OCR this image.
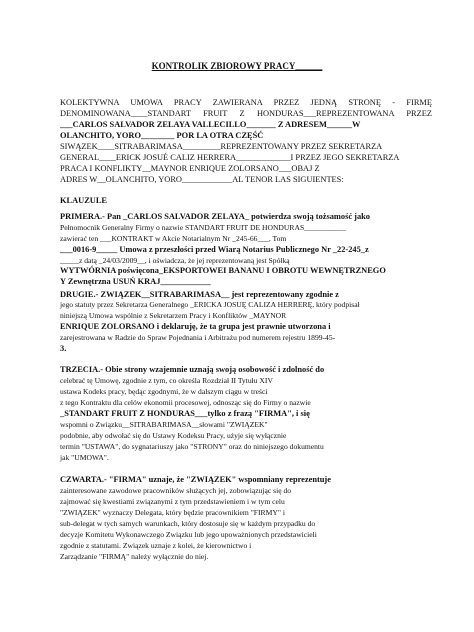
KONTROLIK ZBIOROWY PRACY______
KOLEKTYWNA UMOWA PRACY ZAWIERANA PRZEZ JEDNĄ STRONĘ - FIRMĘ
DENOMINOWANA____STANDART FRUIT Z HONDURAS___REPREZENTOWANA PRZEZ
___CARLOS SALVADOR ZELAYA VALLECILLO_______ Z ADRESEM______W
OLANCHITO, YORO________ POR LA OTRA CZĘŚĆ
SIWĄZEK____SITRABARIMASA_________REPREZENTOWANY PRZEZ SEKRETARZA
GENERAL____ERICK JOSUÉ CALIZ HERRERA_____________I PRZEZ JEGO SEKRETARZA
PRACA I KONFLIKTY__MAYNOR ENRIQUE ZOLORSANO___OBAJ Z
ADRES W__OLANCHITO, YORO____________AL TENOR LAS SIGUIENTES:
KLAUZULE
PRIMERA.- Pan _CARLOS SALVADOR ZELAYA_ potwierdza swoją tożsamość jako
Pełnomocnik Generalny Firmy o nazwie STANDART FRUIT DE HONDURAS___________
zawierać ten ___KONTRAKT w Akcie Notarialnym Nr _245-66___, Tom
___0016-9_____ Umowa z przeszłości przed Wiarą Notarius Publicznego Nr _22-245_z
_____z datą _24/03/2009__, i oświadcza, że jej reprezentowaną jest Spółką
WYTWÓRNIA poświęcona_EKSPORTOWEI BANANU I OBROTU WEWNĘTRZNEGO
Y Zewnętrzna USUŃ KRAJ____________
DRUGIE.- ZWIĄZEK__SITRABARIMASA__ jest reprezentowany zgodnie z
jego statuty przez Sekretarza Generalnego _ERICKA JOSUĘ CALIZA HERRERĘ, który podpisał
niniejszą Umowa wspólnie z Sekretarzem Pracy i Konfliktów _MAYNOR
ENRIQUE ZOLORSANO i deklaruję, że ta grupa jest prawnie utworzona i
zarejestrowana w Radzie do Spraw Pojednania i Arbitrażu pod numerem rejestru 1899-45-
3.
TRZECIA.- Obie strony wzajemnie uznają swoją osobowość i zdolność do
celebrać tę Umowę, zgodnie z tym, co określa Rozdział II Tytułu XIV
ustawa Kodeks pracy, będąc zgodnymi, że w dalszym ciągu w treści
z tego Kontraktu dla celów ekonomii procesowej, odnosząc się do Firmy o nazwie
_STANDART FRUIT Z HONDURAS___tylko z frazą "FIRMA", i się
wspomni o Związku__SITRABARIMASA__słowami "ZWIĄZEK"
podobnie, aby odwołać się do Ustawy Kodeksu Pracy, użyje się wyłącznie
termin "USTAWA", do sygnatariuszy jako "STRONY" oraz do niniejszego dokumentu
jak "UMOWA".
CZWARTA.- "FIRMA" uznaje, że "ZWIĄZEK" wspomniany reprezentuje
zainteresowane zawodowe pracowników służących jej, zobowiązując się do
zajmować się kwestiami związanymi z tym przedstawieniem i w tym celu
"ZWIĄZEK" wyznaczy Delegata, który będzie pracownikiem "FIRMY" i
sub-delegat w tych samych warunkach, który dostosuje się w każdym przypadku do
decyzje Komitetu Wykonawczego Związku lub jego upoważnionych przedstawicieli
zgodnie z statutami. Związek uznaje z kolei, że kierownictwo i
Zarządzanie "FIRMĄ" należy wyłącznie do niej.
